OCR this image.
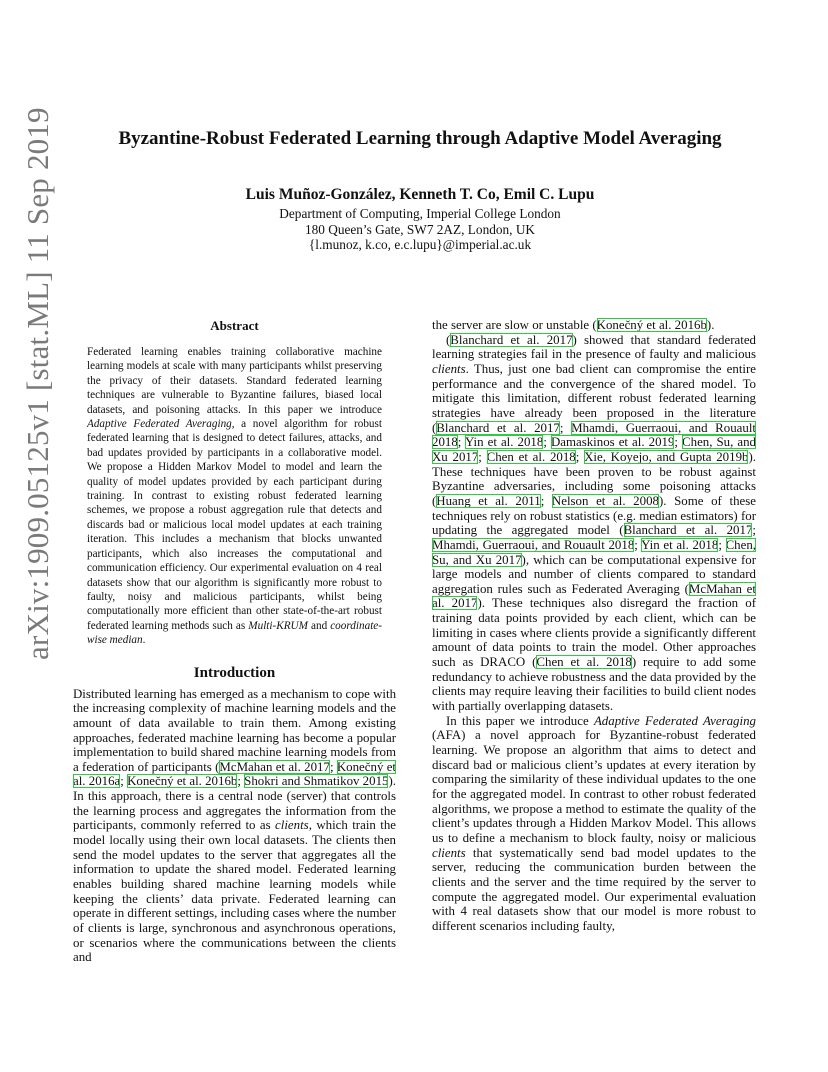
arXiv:1909.05125v1 [stat.ML] 11 Sep 2019	Byzantine-Robust Federated Learning through Adaptive Model Averaging
Luis Muñoz-González, Kenneth T. Co, Emil C. Lupu
Department of Computing, Imperial College London
180 Queen’s Gate, SW7 2AZ, London, UK
{l.munoz, k.co, e.c.lupu}@imperial.ac.uk
Abstract
Federated learning enables training collaborative machine learning models at scale with many participants whilst preserving the privacy of their datasets. Standard federated learning techniques are vulnerable to Byzantine failures, biased local datasets, and poisoning attacks. In this paper we introduce Adaptive Federated Averaging, a novel algorithm for robust federated learning that is designed to detect failures, attacks, and bad updates provided by participants in a collaborative model. We propose a Hidden Markov Model to model and learn the quality of model updates provided by each participant during training. In contrast to existing robust federated learning schemes, we propose a robust aggregation rule that detects and discards bad or malicious local model updates at each training iteration. This includes a mechanism that blocks unwanted participants, which also increases the computational and communication efficiency. Our experimental evaluation on 4 real datasets show that our algorithm is significantly more robust to faulty, noisy and malicious participants, whilst being computationally more efficient than other state-of-the-art robust federated learning methods such as Multi-KRUM and coordinate-wise median.
Introduction

Distributed learning has emerged as a mechanism to cope with the increasing complexity of machine learning models and the amount of data available to train them. Among existing approaches, federated machine learning has become a popular implementation to build shared machine learning models from a federation of participants (McMahan et al. 2017; Konečný et al. 2016a; Konečný et al. 2016b; Shokri and Shmatikov 2015). In this approach, there is a central node (server) that controls the learning process and aggregates the information from the participants, commonly referred to as clients, which train the model locally using their own local datasets. The clients then send the model updates to the server that aggregates all the information to update the shared model. Federated learning enables building shared machine learning models while keeping the clients’ data private. Federated learning can operate in different settings, including cases where the number of clients is large, synchronous and asynchronous operations, or scenarios where the communications between the clients and

the server are slow or unstable (Konečný et al. 2016b).

(Blanchard et al. 2017) showed that standard federated learning strategies fail in the presence of faulty and malicious clients. Thus, just one bad client can compromise the entire performance and the convergence of the shared model. To mitigate this limitation, different robust federated learning strategies have already been proposed in the literature (Blanchard et al. 2017; Mhamdi, Guerraoui, and Rouault 2018; Yin et al. 2018; Damaskinos et al. 2019; Chen, Su, and Xu 2017; Chen et al. 2018; Xie, Koyejo, and Gupta 2019b). These techniques have been proven to be robust against Byzantine adversaries, including some poisoning attacks (Huang et al. 2011; Nelson et al. 2008). Some of these techniques rely on robust statistics (e.g. median estimators) for updating the aggregated model (Blanchard et al. 2017; Mhamdi, Guerraoui, and Rouault 2018; Yin et al. 2018; Chen, Su, and Xu 2017), which can be computational expensive for large models and number of clients compared to standard aggregation rules such as Federated Averaging (McMahan et al. 2017). These techniques also disregard the fraction of training data points provided by each client, which can be limiting in cases where clients provide a significantly different amount of data points to train the model. Other approaches such as DRACO (Chen et al. 2018) require to add some redundancy to achieve robustness and the data provided by the clients may require leaving their facilities to build client nodes with partially overlapping datasets.

In this paper we introduce Adaptive Federated Averaging (AFA) a novel approach for Byzantine-robust federated learning. We propose an algorithm that aims to detect and discard bad or malicious client’s updates at every iteration by comparing the similarity of these individual updates to the one for the aggregated model. In contrast to other robust federated algorithms, we propose a method to estimate the quality of the client’s updates through a Hidden Markov Model. This allows us to define a mechanism to block faulty, noisy or malicious clients that systematically send bad model updates to the server, reducing the communication burden between the clients and the server and the time required by the server to compute the aggregated model. Our experimental evaluation with 4 real datasets show that our model is more robust to different scenarios including faulty,
